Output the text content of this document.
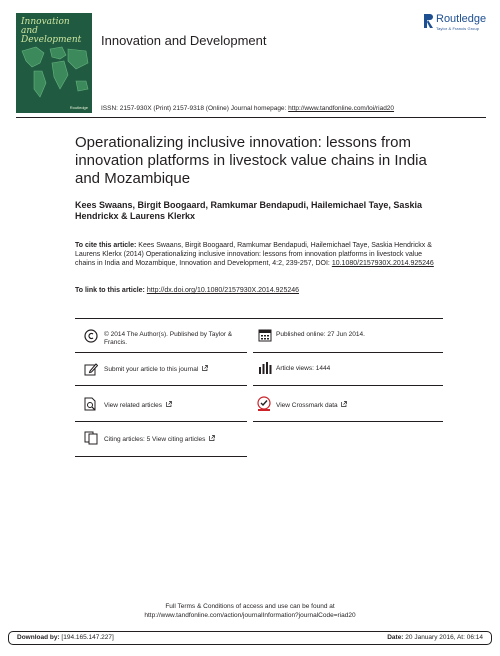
Innovation and
Development
Routledge
Innovation and Development
Routledge
Taylor & Francis Group
ISSN: 2157-930X (Print) 2157-9318 (Online) Journal homepage: http://www.tandfonline.com/loi/riad20
Operationalizing inclusive innovation: lessons from innovation platforms in livestock value chains in India and Mozambique
Kees Swaans, Birgit Boogaard, Ramkumar Bendapudi, Hailemichael Taye, Saskia Hendrickx & Laurens Klerkx
To cite this article: Kees Swaans, Birgit Boogaard, Ramkumar Bendapudi, Hailemichael Taye, Saskia Hendrickx & Laurens Klerkx (2014) Operationalizing inclusive innovation: lessons from innovation platforms in livestock value chains in India and Mozambique, Innovation and Development, 4:2, 239-257, DOI: 10.1080/2157930X.2014.925246
To link to this article: http://dx.doi.org/10.1080/2157930X.2014.925246
© 2014 The Author(s). Published by Taylor & Francis.
Published online: 27 Jun 2014.
Submit your article to this journal	Article views: 1444
View related articles	View Crossmark data
Citing articles: 5 View citing articles
Full Terms & Conditions of access and use can be found at
http://www.tandfonline.com/action/journalInformation?journalCode=riad20
Download by: [194.165.147.227]	Date: 20 January 2016, At: 06:14
